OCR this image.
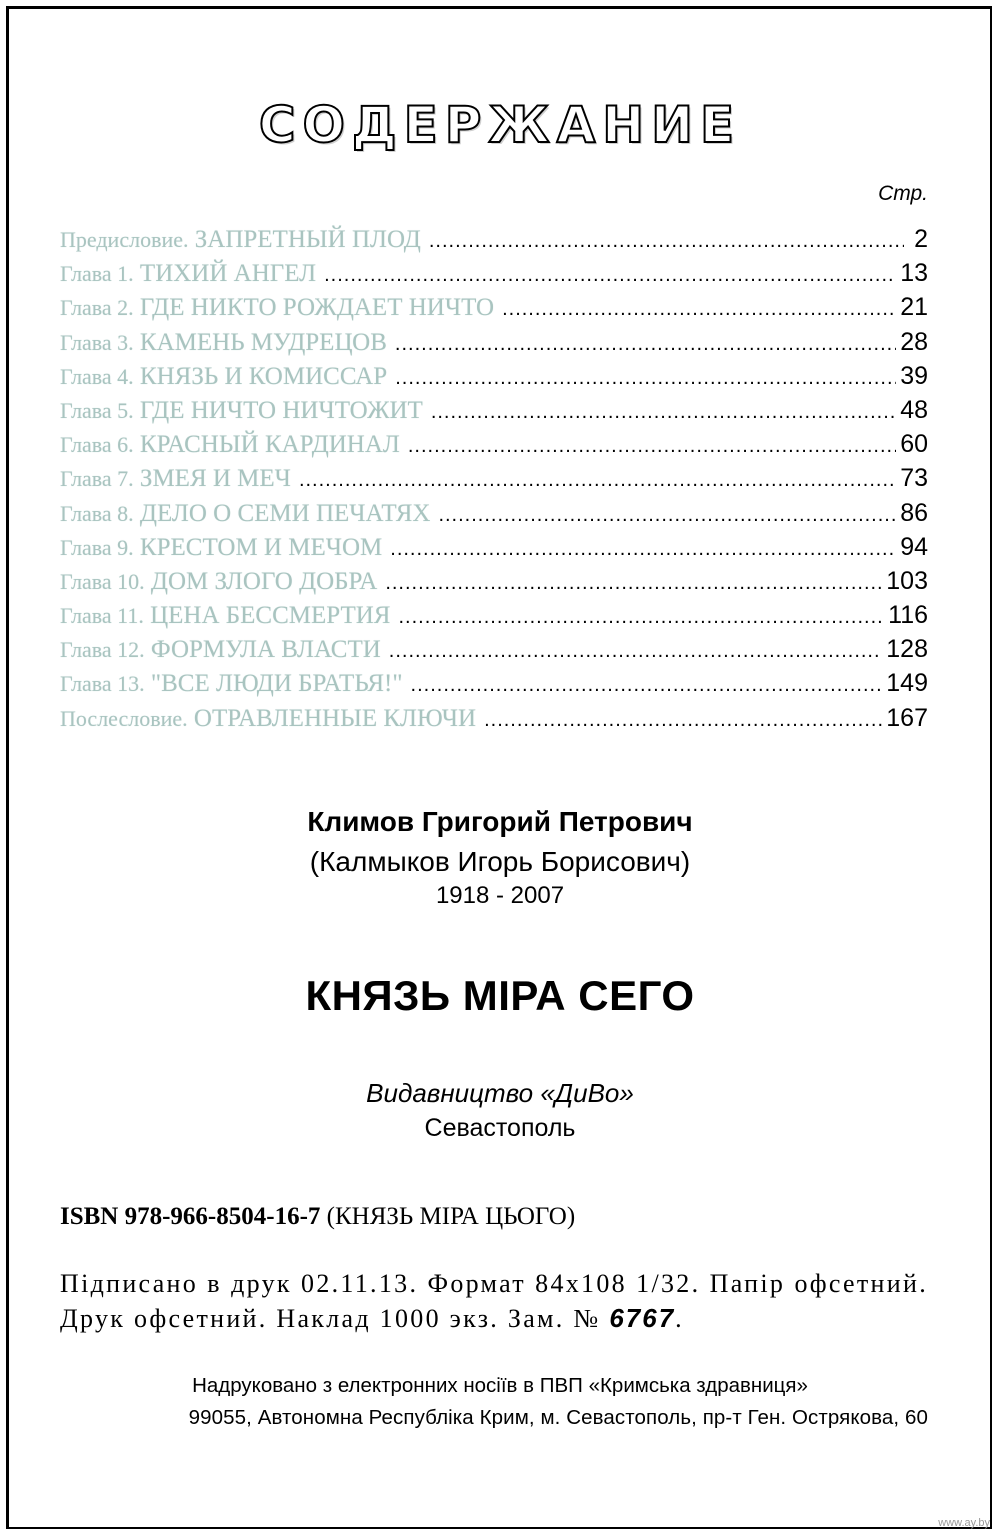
СОДЕРЖАНИЕ
Стр.
Предисловие. ЗАПРЕТНЫЙ ПЛОД .....	2
Глава 1. ТИХИЙ АНГЕЛ .....	13
Глава 2. ГДЕ НИКТО РОЖДАЕТ НИЧТО .....	21
Глава 3. КАМЕНЬ МУДРЕЦОВ .....	28
Глава 4. КНЯЗЬ И КОМИССАР .....	39
Глава 5. ГДЕ НИЧТО НИЧТОЖИТ .....	48
Глава 6. КРАСНЫЙ КАРДИНАЛ .....	60
Глава 7. ЗМЕЯ И МЕЧ .....	73
Глава 8. ДЕЛО О СЕМИ ПЕЧАТЯХ .....	86
Глава 9. КРЕСТОМ И МЕЧОМ .....	94
Глава 10. ДОМ ЗЛОГО ДОБРА .....	103
Глава 11. ЦЕНА БЕССМЕРТИЯ .....	116
Глава 12. ФОРМУЛА ВЛАСТИ .....	128
Глава 13. "ВСЕ ЛЮДИ БРАТЬЯ!" .....	149
Послесловие. ОТРАВЛЕННЫЕ КЛЮЧИ .....	167
Климов Григорий Петрович
(Калмыков Игорь Борисович)
1918 - 2007
КНЯЗЬ МІРА СЕГО
Видавництво «ДиВо»
Севастополь
ISBN 978-966-8504-16-7 (КНЯЗЬ МІРА ЦЬОГО)
Підписано в друк 02.11.13. Формат 84х108 1/32. Папір офсетний. Друк офсетний. Наклад 1000 экз. Зам. № 6767.
Надруковано з електронних носіїв в ПВП «Кримська здравниця»
99055, Автономна Республіка Крим, м. Севастополь, пр-т Ген. Острякова, 60
www.ay.by
